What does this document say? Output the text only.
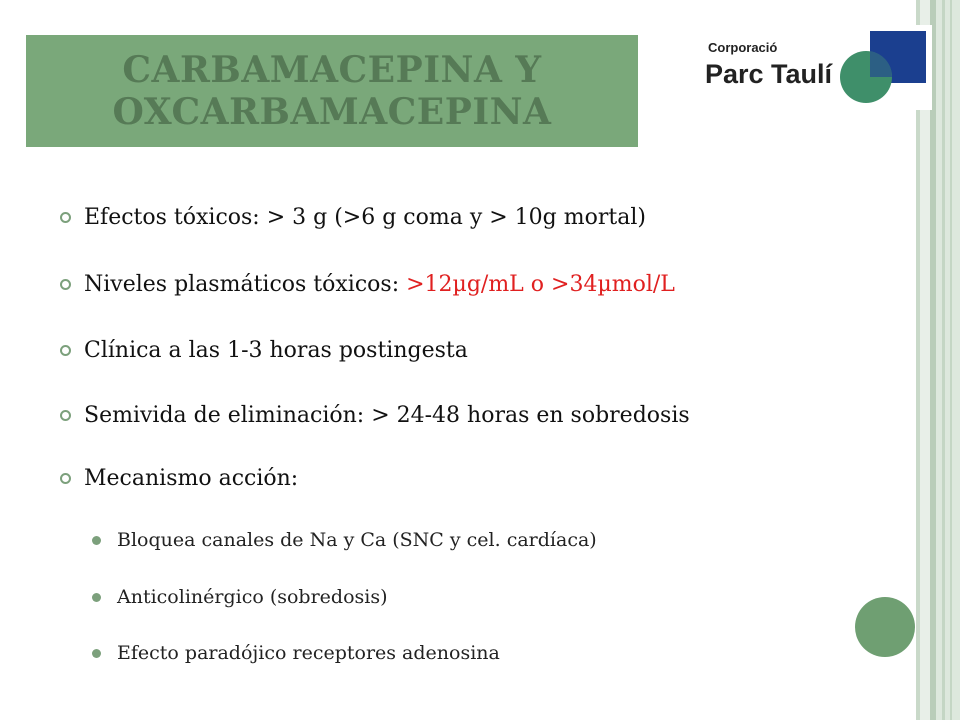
CARBAMACEPINA Y OXCARBAMACEPINA
Corporació
Parc Taulí
Efectos tóxicos: > 3 g (>6 g coma y > 10g mortal)
Niveles plasmáticos tóxicos: >12µg/mL o >34µmol/L
Clínica a las 1-3 horas postingesta
Semivida de eliminación: > 24-48 horas en sobredosis
Mecanismo acción:
Bloquea canales de Na y Ca (SNC y cel. cardíaca)
Anticolinérgico (sobredosis)
Efecto paradójico receptores adenosina
